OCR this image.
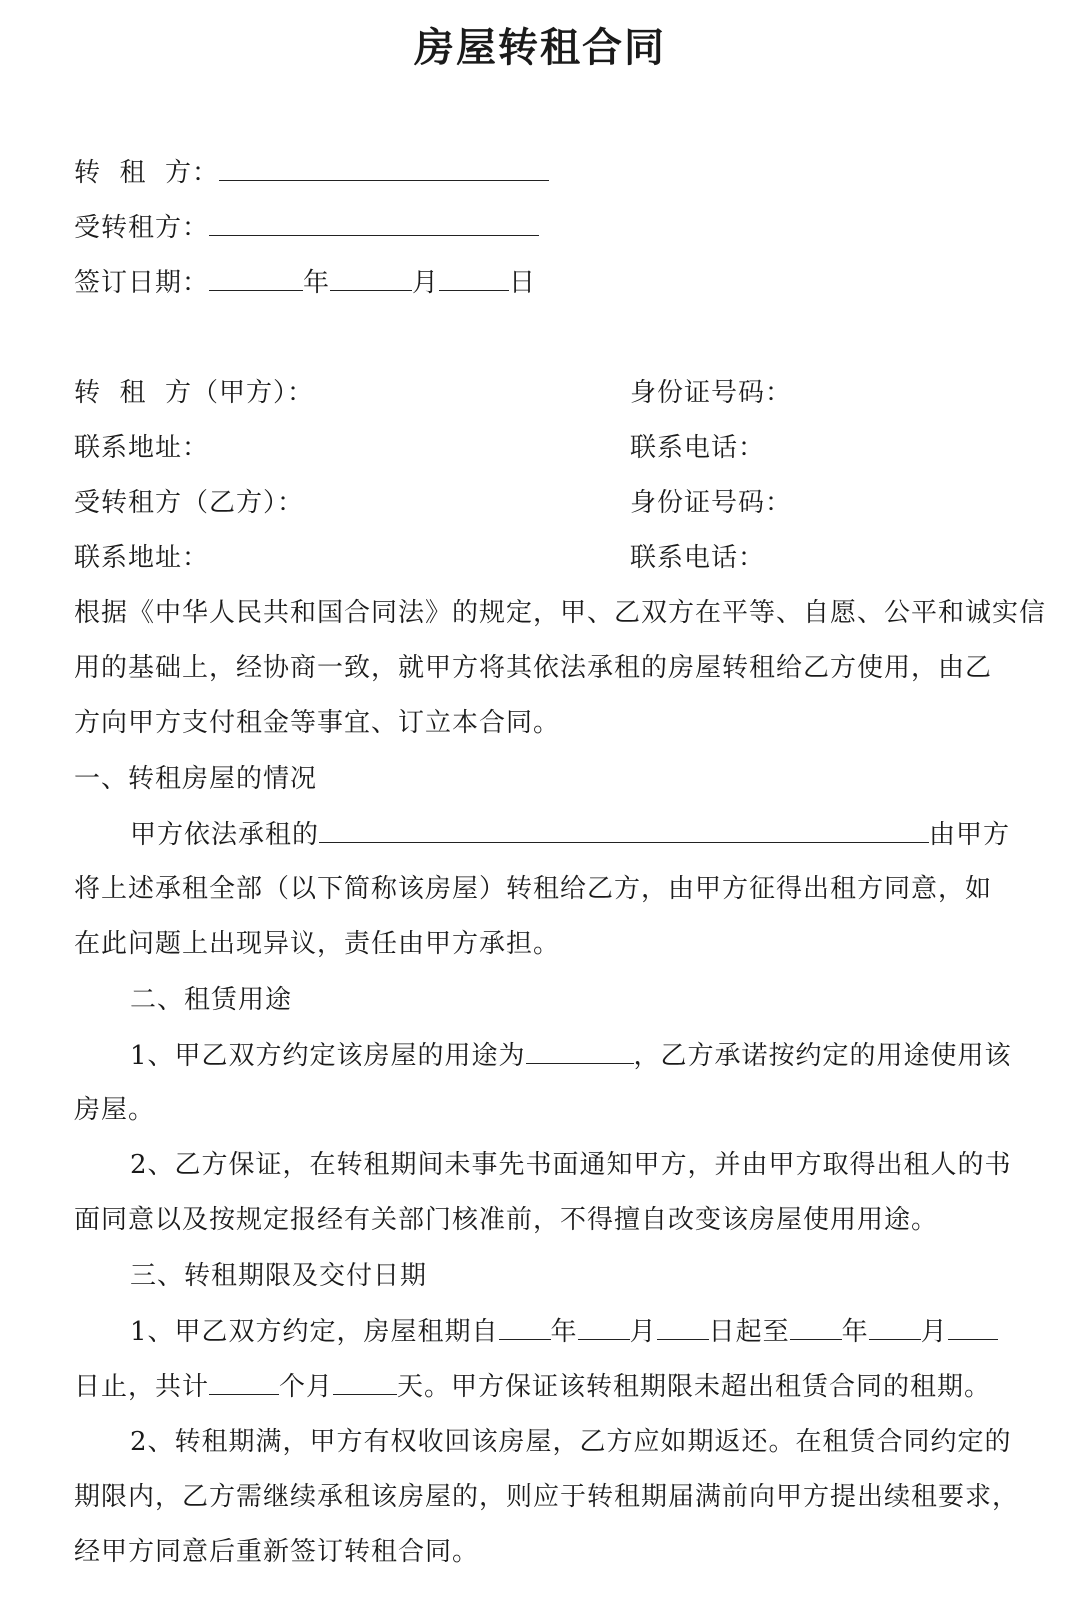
房屋转租合同
转  租  方：
受转租方：
签订日期：	年	月	日
转  租  方（甲方）：	身份证号码：
联系地址：	联系电话：
受转租方（乙方）：	身份证号码：
联系地址：	联系电话：
根据《中华人民共和国合同法》的规定，甲、乙双方在平等、自愿、公平和诚实信
用的基础上，经协商一致，就甲方将其依法承租的房屋转租给乙方使用，由乙
方向甲方支付租金等事宜、订立本合同。
一、转租房屋的情况
甲方依法承租的	由甲方
将上述承租全部（以下简称该房屋）转租给乙方，由甲方征得出租方同意，如
在此问题上出现异议，责任由甲方承担。
二、租赁用途
1、甲乙双方约定该房屋的用途为	，乙方承诺按约定的用途使用该
房屋。
2、乙方保证，在转租期间未事先书面通知甲方，并由甲方取得出租人的书
面同意以及按规定报经有关部门核准前，不得擅自改变该房屋使用用途。
三、转租期限及交付日期
1、甲乙双方约定，房屋租期自 年 月 日起至 年 月
日止，共计	个月 天。甲方保证该转租期限未超出租赁合同的租期。
2、转租期满，甲方有权收回该房屋，乙方应如期返还。在租赁合同约定的
期限内，乙方需继续承租该房屋的，则应于转租期届满前向甲方提出续租要求，
经甲方同意后重新签订转租合同。
